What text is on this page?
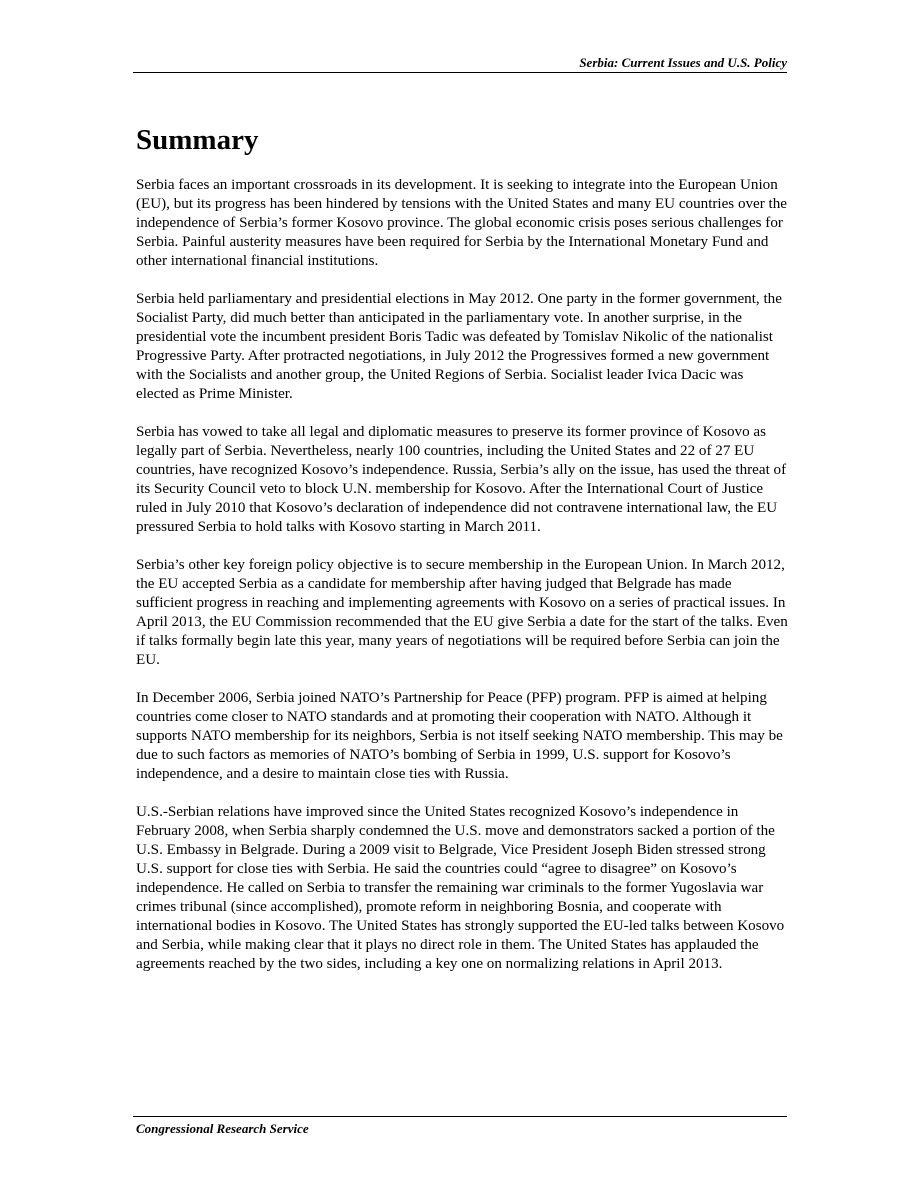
Serbia: Current Issues and U.S. Policy
Summary

Serbia faces an important crossroads in its development. It is seeking to integrate into the European Union (EU), but its progress has been hindered by tensions with the United States and many EU countries over the independence of Serbia’s former Kosovo province. The global economic crisis poses serious challenges for Serbia. Painful austerity measures have been required for Serbia by the International Monetary Fund and other international financial institutions.

Serbia held parliamentary and presidential elections in May 2012. One party in the former government, the Socialist Party, did much better than anticipated in the parliamentary vote. In another surprise, in the presidential vote the incumbent president Boris Tadic was defeated by Tomislav Nikolic of the nationalist Progressive Party. After protracted negotiations, in July 2012 the Progressives formed a new government with the Socialists and another group, the United Regions of Serbia. Socialist leader Ivica Dacic was elected as Prime Minister.

Serbia has vowed to take all legal and diplomatic measures to preserve its former province of Kosovo as legally part of Serbia. Nevertheless, nearly 100 countries, including the United States and 22 of 27 EU countries, have recognized Kosovo’s independence. Russia, Serbia’s ally on the issue, has used the threat of its Security Council veto to block U.N. membership for Kosovo. After the International Court of Justice ruled in July 2010 that Kosovo’s declaration of independence did not contravene international law, the EU pressured Serbia to hold talks with Kosovo starting in March 2011.

Serbia’s other key foreign policy objective is to secure membership in the European Union. In March 2012, the EU accepted Serbia as a candidate for membership after having judged that Belgrade has made sufficient progress in reaching and implementing agreements with Kosovo on a series of practical issues. In April 2013, the EU Commission recommended that the EU give Serbia a date for the start of the talks. Even if talks formally begin late this year, many years of negotiations will be required before Serbia can join the EU.

In December 2006, Serbia joined NATO’s Partnership for Peace (PFP) program. PFP is aimed at helping countries come closer to NATO standards and at promoting their cooperation with NATO. Although it supports NATO membership for its neighbors, Serbia is not itself seeking NATO membership. This may be due to such factors as memories of NATO’s bombing of Serbia in 1999, U.S. support for Kosovo’s independence, and a desire to maintain close ties with Russia.

U.S.-Serbian relations have improved since the United States recognized Kosovo’s independence in February 2008, when Serbia sharply condemned the U.S. move and demonstrators sacked a portion of the U.S. Embassy in Belgrade. During a 2009 visit to Belgrade, Vice President Joseph Biden stressed strong U.S. support for close ties with Serbia. He said the countries could “agree to disagree” on Kosovo’s independence. He called on Serbia to transfer the remaining war criminals to the former Yugoslavia war crimes tribunal (since accomplished), promote reform in neighboring Bosnia, and cooperate with international bodies in Kosovo. The United States has strongly supported the EU-led talks between Kosovo and Serbia, while making clear that it plays no direct role in them. The United States has applauded the agreements reached by the two sides, including a key one on normalizing relations in April 2013.

Congressional Research Service
